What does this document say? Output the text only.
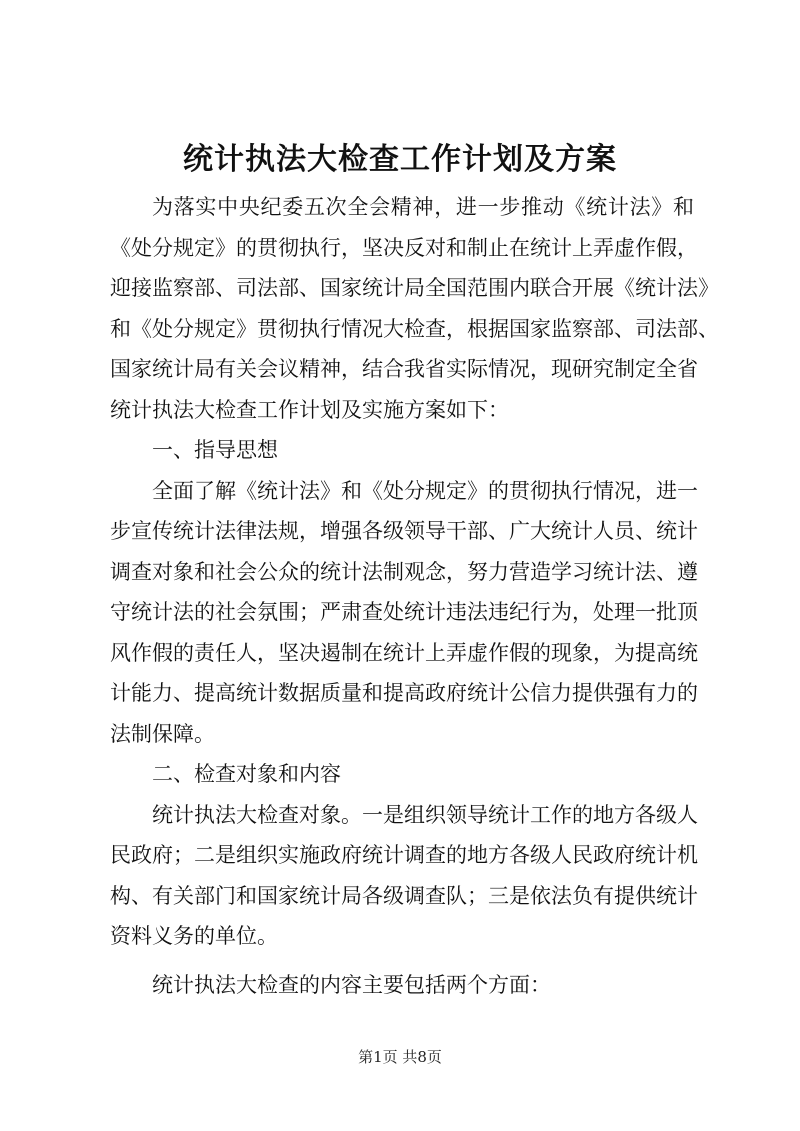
统计执法大检查工作计划及方案
为落实中央纪委五次全会精神，进一步推动《统计法》和
《处分规定》的贯彻执行，坚决反对和制止在统计上弄虚作假，
迎接监察部、司法部、国家统计局全国范围内联合开展《统计法》
和《处分规定》贯彻执行情况大检查，根据国家监察部、司法部、
国家统计局有关会议精神，结合我省实际情况，现研究制定全省
统计执法大检查工作计划及实施方案如下：
一、指导思想
全面了解《统计法》和《处分规定》的贯彻执行情况，进一
步宣传统计法律法规，增强各级领导干部、广大统计人员、统计
调查对象和社会公众的统计法制观念，努力营造学习统计法、遵
守统计法的社会氛围；严肃查处统计违法违纪行为，处理一批顶
风作假的责任人，坚决遏制在统计上弄虚作假的现象，为提高统
计能力、提高统计数据质量和提高政府统计公信力提供强有力的
法制保障。
二、检查对象和内容
统计执法大检查对象。一是组织领导统计工作的地方各级人
民政府；二是组织实施政府统计调查的地方各级人民政府统计机
构、有关部门和国家统计局各级调查队；三是依法负有提供统计
资料义务的单位。
统计执法大检查的内容主要包括两个方面：
第1页 共8页
